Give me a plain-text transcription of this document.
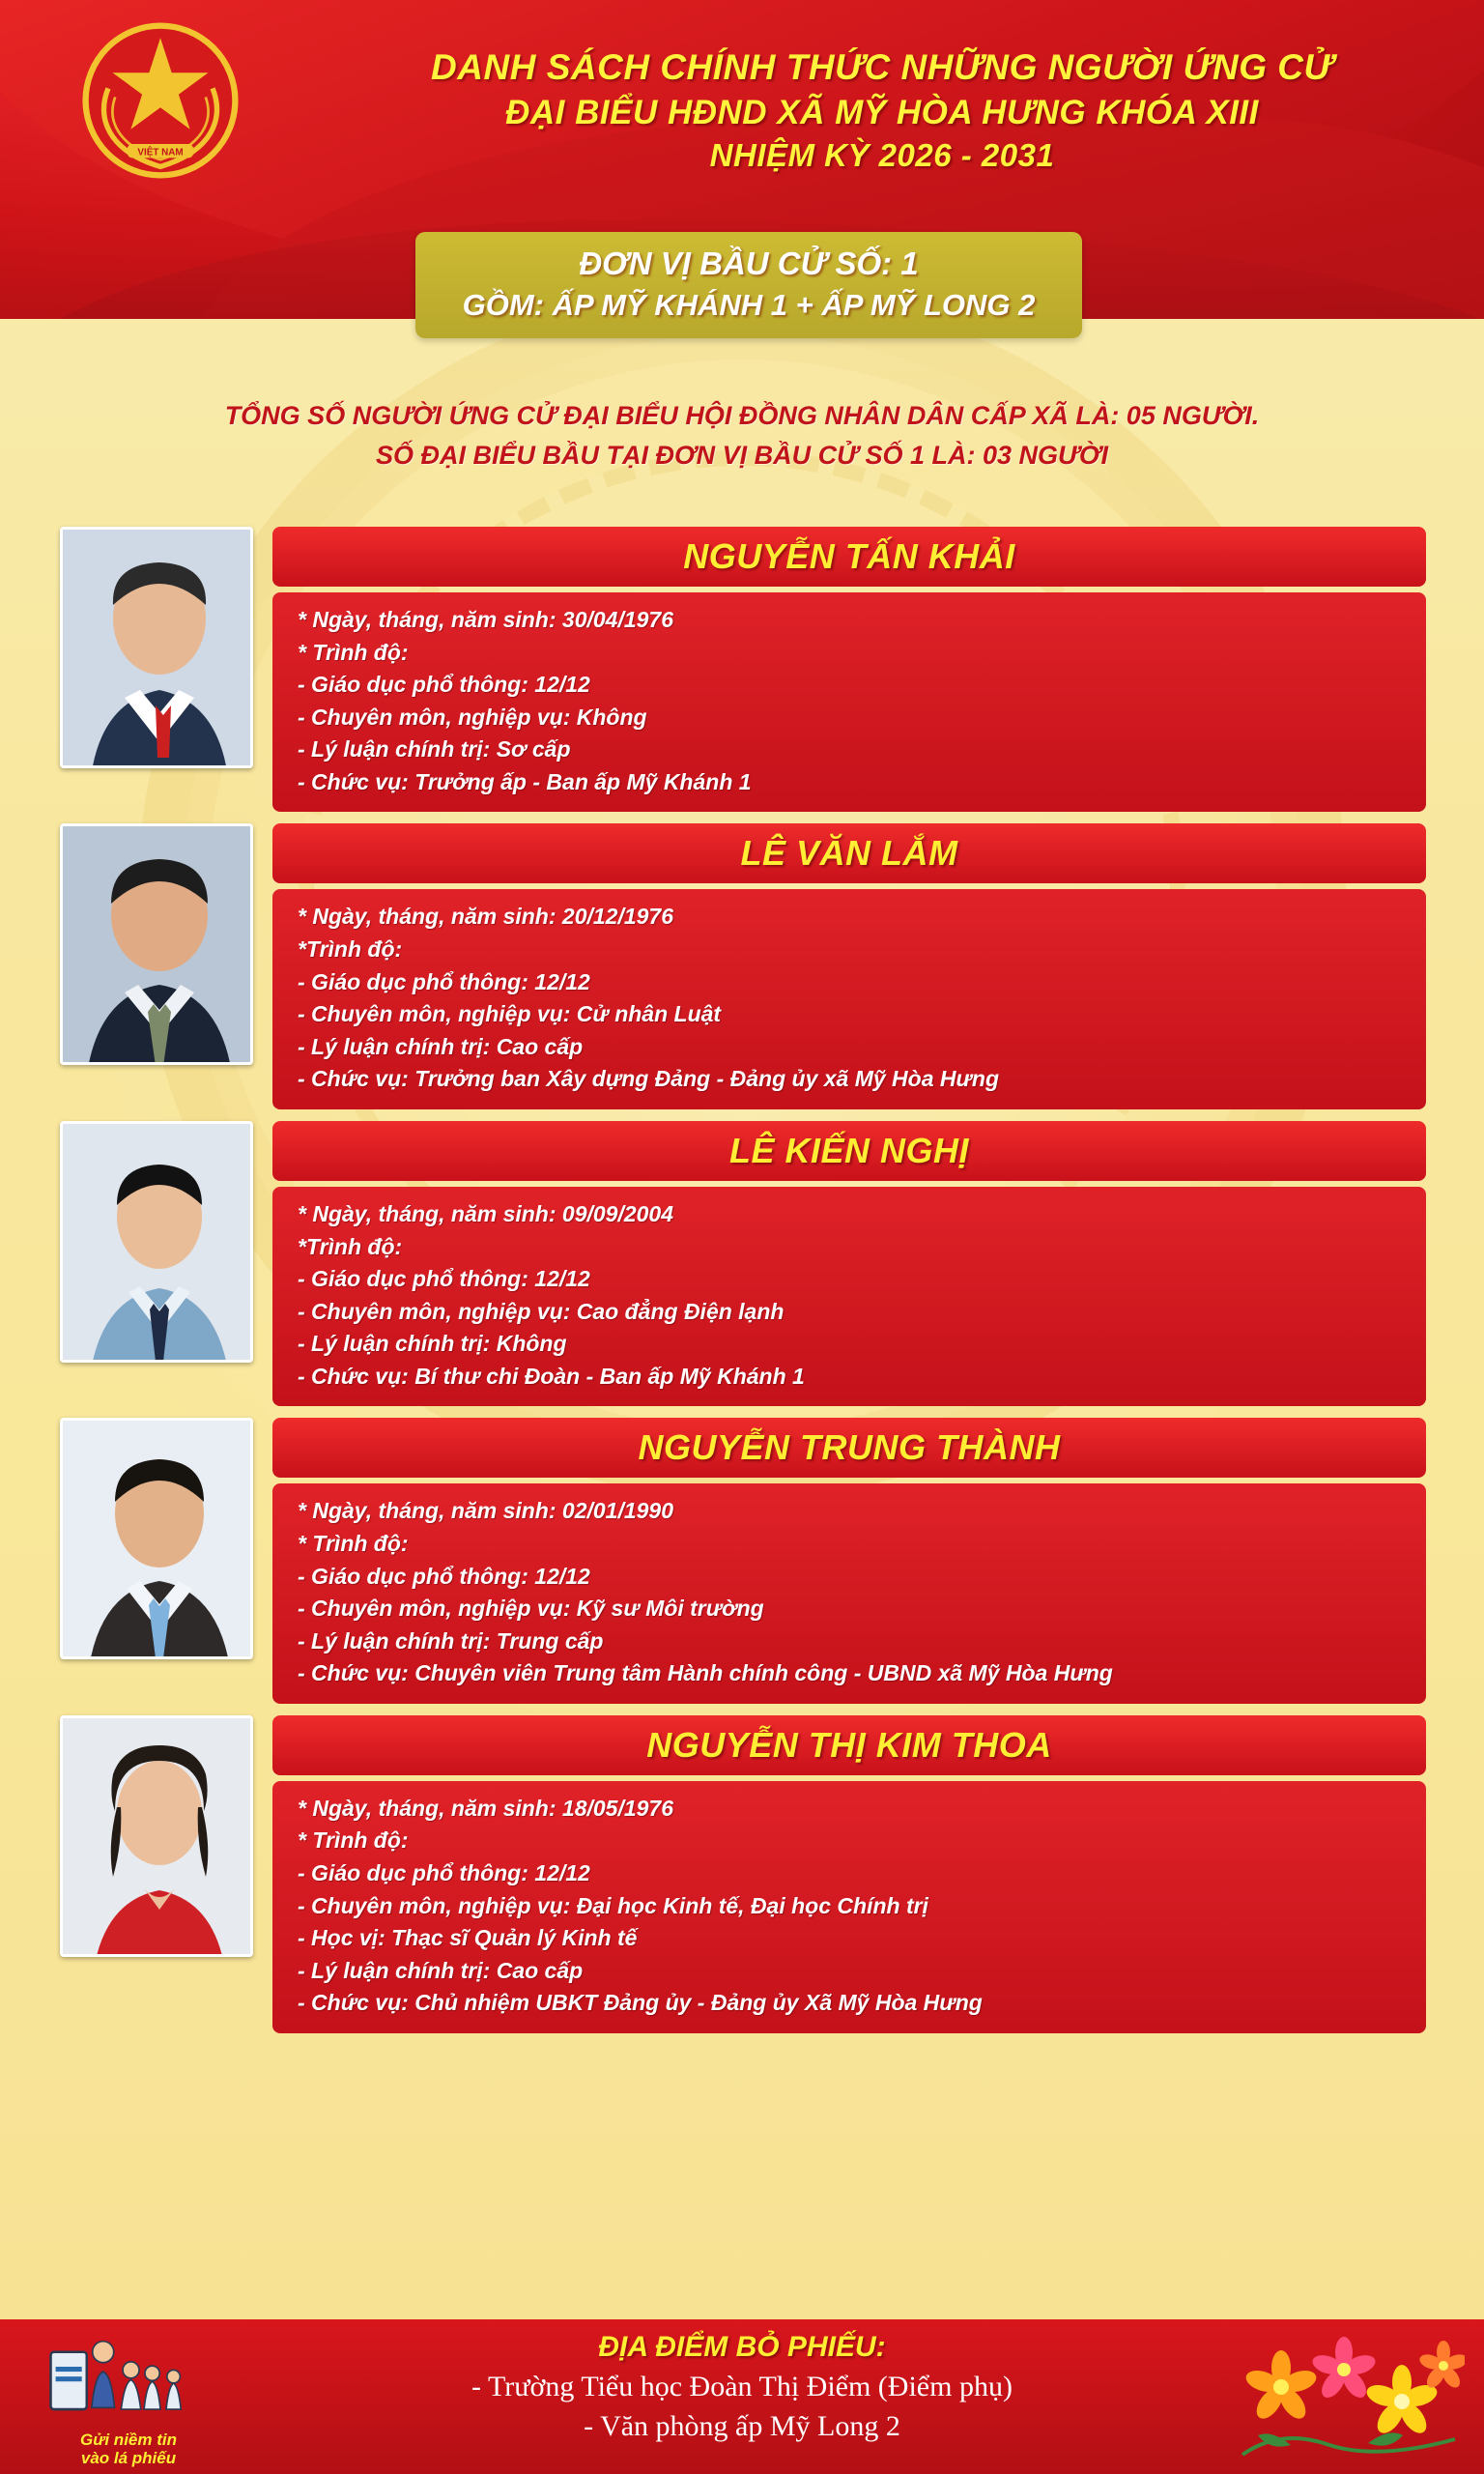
VIỆT NAM
DANH SÁCH CHÍNH THỨC NHỮNG NGƯỜI ỨNG CỬ
ĐẠI BIỂU HĐND XÃ MỸ HÒA HƯNG KHÓA XIII
NHIỆM KỲ 2026 - 2031
ĐƠN VỊ BẦU CỬ SỐ: 1
GỒM: ẤP MỸ KHÁNH 1 + ẤP MỸ LONG 2
TỔNG SỐ NGƯỜI ỨNG CỬ ĐẠI BIỂU HỘI ĐỒNG NHÂN DÂN CẤP XÃ LÀ: 05 NGƯỜI.
SỐ ĐẠI BIỂU BẦU TẠI ĐƠN VỊ BẦU CỬ SỐ 1 LÀ: 03 NGƯỜI
NGUYỄN TẤN KHẢI

* Ngày, tháng, năm sinh: 30/04/1976

* Trình độ:

- Giáo dục phổ thông: 12/12

- Chuyên môn, nghiệp vụ: Không

- Lý luận chính trị: Sơ cấp

- Chức vụ: Trưởng ấp - Ban ấp Mỹ Khánh 1

LÊ VĂN LẮM

* Ngày, tháng, năm sinh: 20/12/1976

*Trình độ:

- Giáo dục phổ thông: 12/12

- Chuyên môn, nghiệp vụ: Cử nhân Luật

- Lý luận chính trị: Cao cấp

- Chức vụ: Trưởng ban Xây dựng Đảng - Đảng ủy xã Mỹ Hòa Hưng

LÊ KIẾN NGHỊ

* Ngày, tháng, năm sinh: 09/09/2004

*Trình độ:

- Giáo dục phổ thông: 12/12

- Chuyên môn, nghiệp vụ: Cao đẳng Điện lạnh

- Lý luận chính trị: Không

- Chức vụ: Bí thư chi Đoàn - Ban ấp Mỹ Khánh 1

NGUYỄN TRUNG THÀNH

* Ngày, tháng, năm sinh: 02/01/1990

* Trình độ:

- Giáo dục phổ thông: 12/12

- Chuyên môn, nghiệp vụ: Kỹ sư Môi trường

- Lý luận chính trị: Trung cấp

- Chức vụ: Chuyên viên Trung tâm Hành chính công - UBND xã Mỹ Hòa Hưng

NGUYỄN THỊ KIM THOA

* Ngày, tháng, năm sinh: 18/05/1976

* Trình độ:

- Giáo dục phổ thông: 12/12

- Chuyên môn, nghiệp vụ: Đại học Kinh tế, Đại học Chính trị

- Học vị: Thạc sĩ Quản lý Kinh tế

- Lý luận chính trị: Cao cấp

- Chức vụ: Chủ nhiệm UBKT Đảng ủy - Đảng ủy Xã Mỹ Hòa Hưng

Gửi niềm tin
vào lá phiếu
ĐỊA ĐIỂM BỎ PHIẾU:
- Trường Tiểu học Đoàn Thị Điểm (Điểm phụ)
- Văn phòng ấp Mỹ Long 2
